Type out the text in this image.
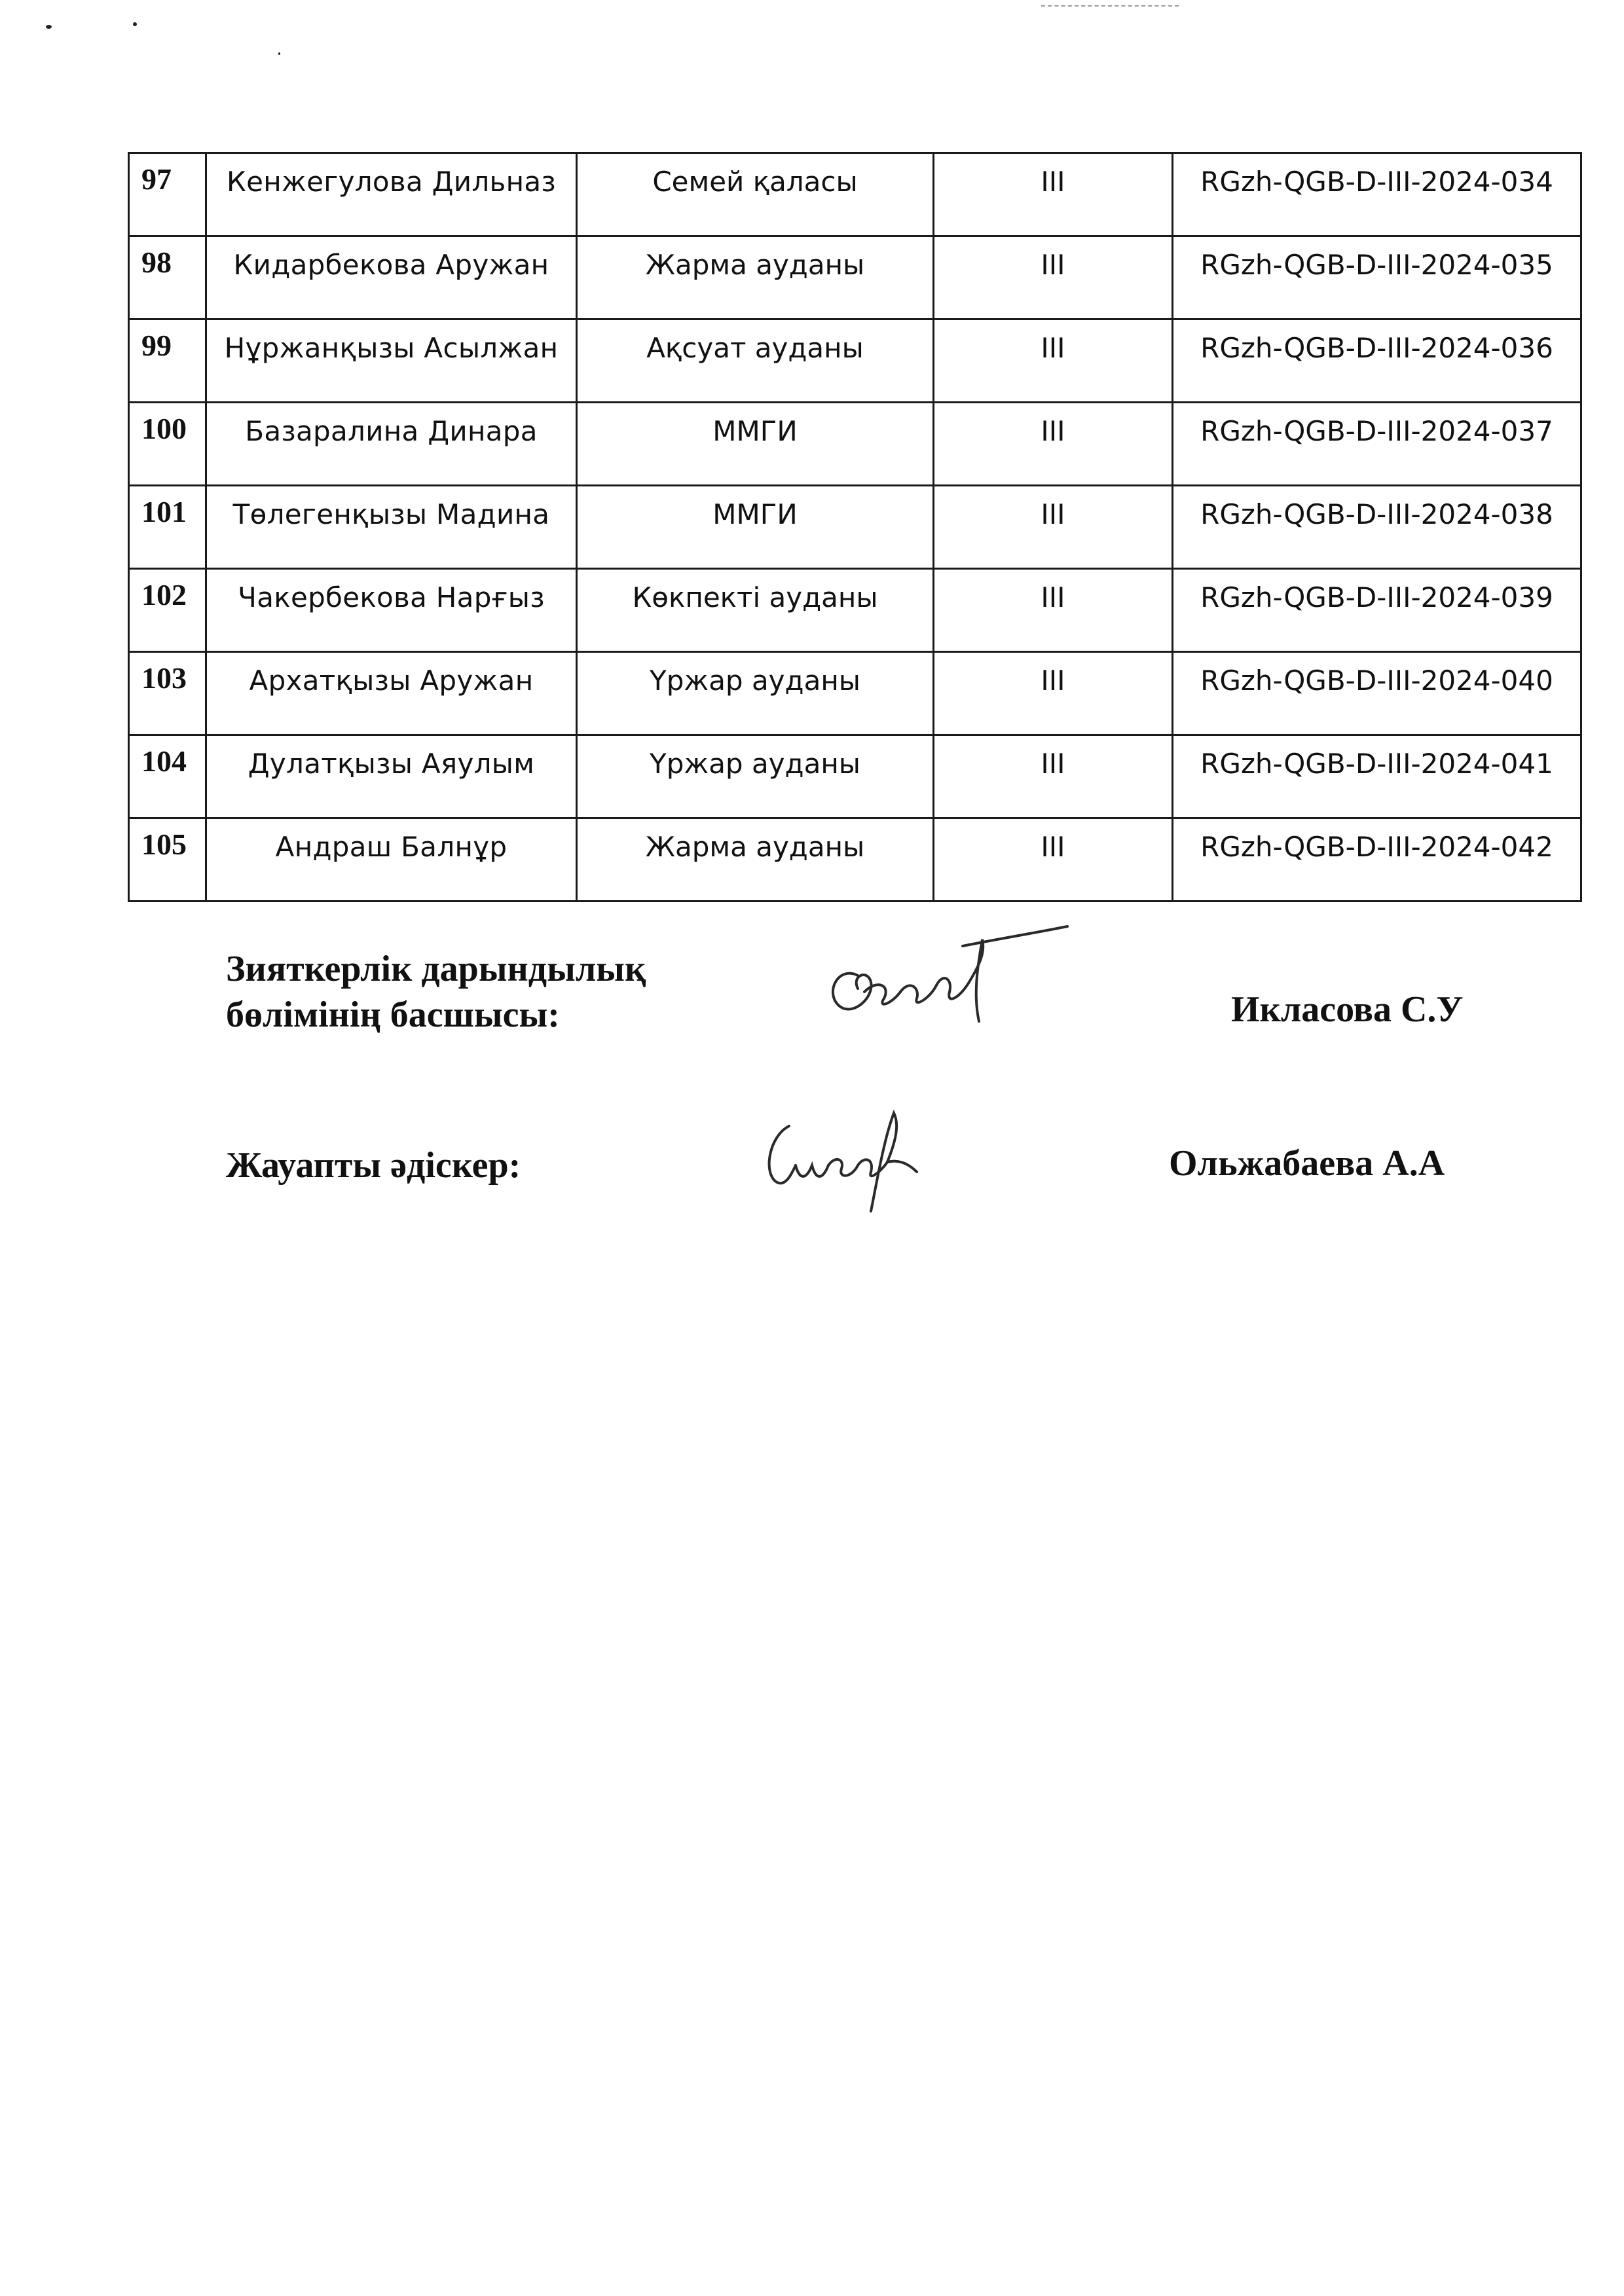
97	Кенжегулова Дильназ	Семей қаласы	III	RGzh-QGB-D-III-2024-034
98	Кидарбекова Аружан	Жарма ауданы	III	RGzh-QGB-D-III-2024-035
99	Нұржанқызы Асылжан	Ақсуат ауданы	III	RGzh-QGB-D-III-2024-036
100	Базаралина Динара	ММГИ	III	RGzh-QGB-D-III-2024-037
101	Төлегенқызы Мадина	ММГИ	III	RGzh-QGB-D-III-2024-038
102	Чакербекова Нарғыз	Көкпекті ауданы	III	RGzh-QGB-D-III-2024-039
103	Архатқызы Аружан	Үржар ауданы	III	RGzh-QGB-D-III-2024-040
104	Дулатқызы Аяулым	Үржар ауданы	III	RGzh-QGB-D-III-2024-041
105	Андраш Балнұр	Жарма ауданы	III	RGzh-QGB-D-III-2024-042
Зияткерлік дарындылық
бөлімінің басшысы:	Икласова С.У
Жауапты әдіскер:	Ольжабаева А.А
